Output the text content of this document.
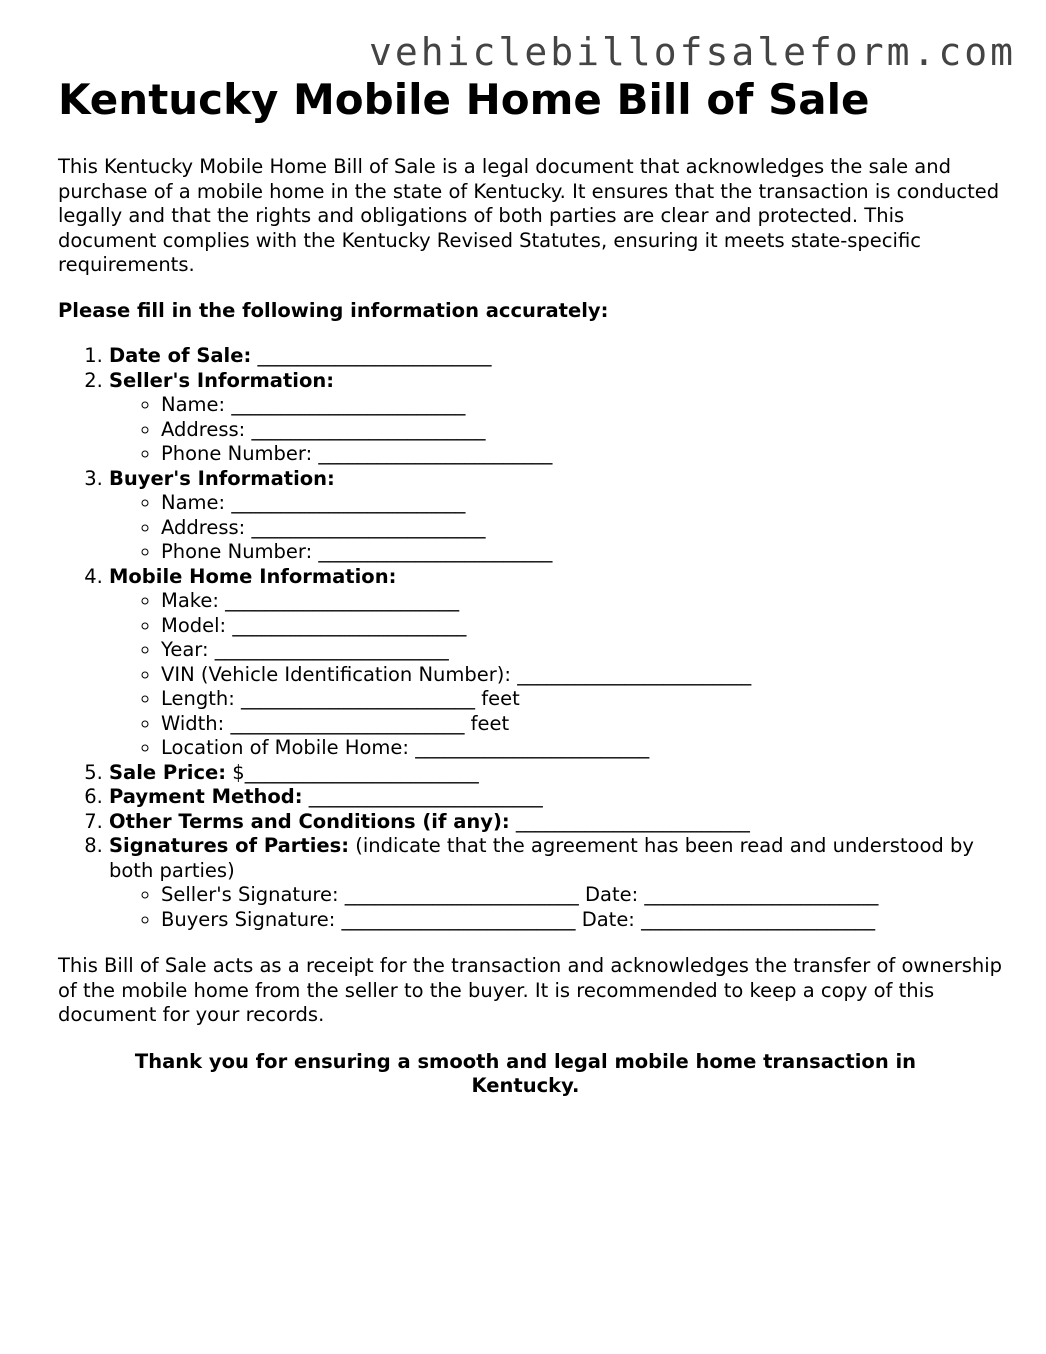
vehiclebillofsaleform.com
Kentucky Mobile Home Bill of Sale

This Kentucky Mobile Home Bill of Sale is a legal document that acknowledges the sale and purchase of a mobile home in the state of Kentucky. It ensures that the transaction is conducted legally and that the rights and obligations of both parties are clear and protected. This document complies with the Kentucky Revised Statutes, ensuring it meets state-specific requirements.

Please fill in the following information accurately:

1. Date of Sale: ________________________
2. Seller's Information:
◦ Name: ________________________
◦ Address: ________________________
◦ Phone Number: ________________________
3. Buyer's Information:
◦ Name: ________________________
◦ Address: ________________________
◦ Phone Number: ________________________
4. Mobile Home Information:
◦ Make: ________________________
◦ Model: ________________________
◦ Year: ________________________
◦ VIN (Vehicle Identification Number): ________________________
◦ Length: ________________________ feet
◦ Width: ________________________ feet
◦ Location of Mobile Home: ________________________
5. Sale Price: $________________________
6. Payment Method: ________________________
7. Other Terms and Conditions (if any): ________________________
8. Signatures of Parties: (indicate that the agreement has been read and understood by both parties)
◦ Seller's Signature: ________________________ Date: ________________________
◦ Buyers Signature: ________________________ Date: ________________________

This Bill of Sale acts as a receipt for the transaction and acknowledges the transfer of ownership of the mobile home from the seller to the buyer. It is recommended to keep a copy of this document for your records.

Thank you for ensuring a smooth and legal mobile home transaction in Kentucky.
